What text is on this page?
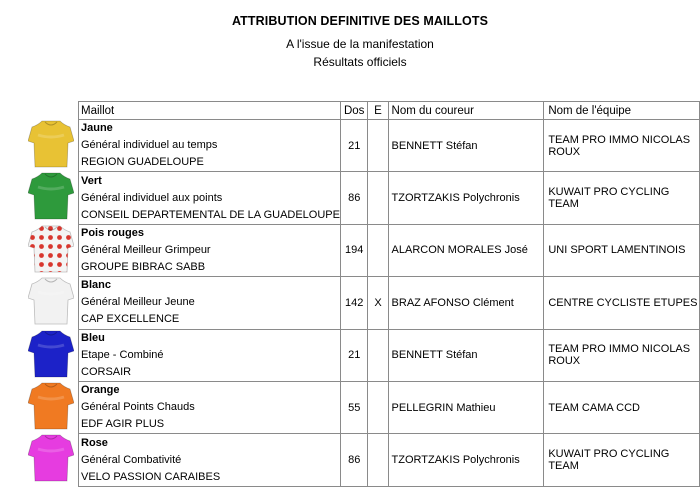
ATTRIBUTION DEFINITIVE DES MAILLOTS
A l'issue de la manifestation
Résultats officiels
Maillot	Dos	E	Nom du coureur	Nom de l'équipe

Jaune
Général individuel au temps
REGION GUADELOUPE	21		BENNETT Stéfan	TEAM PRO IMMO NICOLAS ROUX

Vert
Général individuel aux points
CONSEIL DEPARTEMENTAL DE LA GUADELOUPE	86		TZORTZAKIS Polychronis	KUWAIT PRO CYCLING TEAM

Pois rouges
Général Meilleur Grimpeur
GROUPE BIBRAC SABB	194		ALARCON MORALES José	UNI SPORT LAMENTINOIS

Blanc
Général Meilleur Jeune
CAP EXCELLENCE	142	X	BRAZ AFONSO Clément	CENTRE CYCLISTE ETUPES

Bleu
Etape - Combiné
CORSAIR	21		BENNETT Stéfan	TEAM PRO IMMO NICOLAS ROUX

Orange
Général Points Chauds
EDF AGIR PLUS	55		PELLEGRIN Mathieu	TEAM CAMA CCD

Rose
Général Combativité
VELO PASSION CARAIBES	86		TZORTZAKIS Polychronis	KUWAIT PRO CYCLING TEAM
